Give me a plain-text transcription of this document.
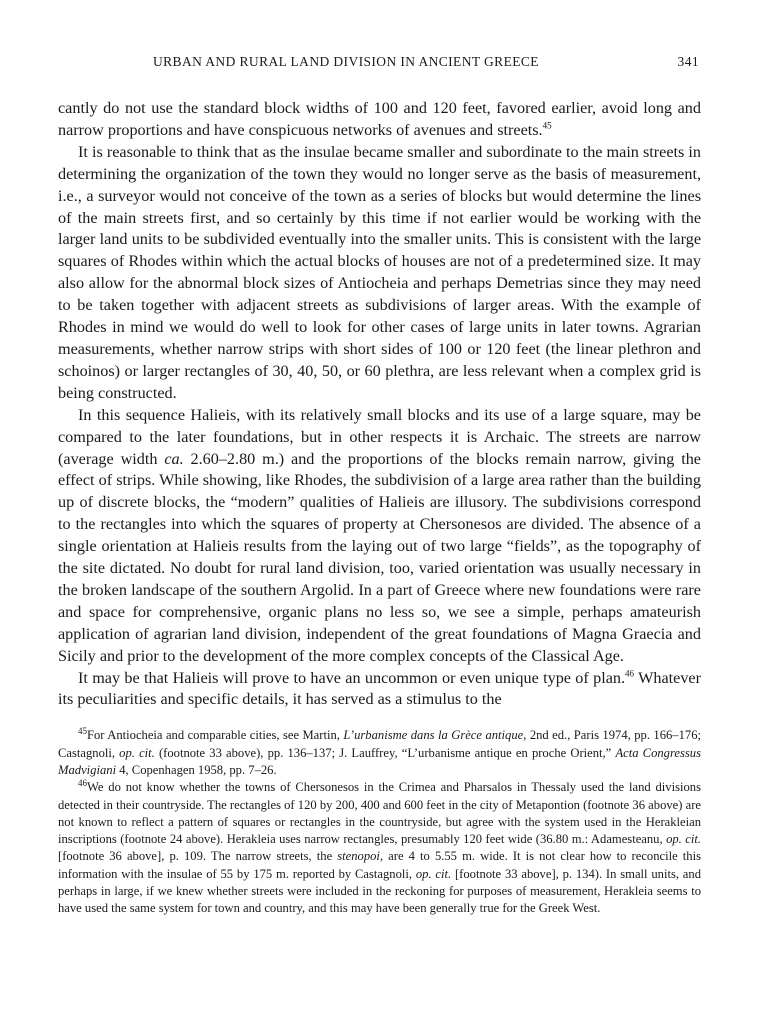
URBAN AND RURAL LAND DIVISION IN ANCIENT GREECE	341

cantly do not use the standard block widths of 100 and 120 feet, favored earlier, avoid long and narrow proportions and have conspicuous networks of avenues and streets.$^{45}$

It is reasonable to think that as the insulae became smaller and subordinate to the main streets in determining the organization of the town they would no longer serve as the basis of measurement, i.e., a surveyor would not conceive of the town as a series of blocks but would determine the lines of the main streets first, and so certainly by this time if not earlier would be working with the larger land units to be subdivided eventually into the smaller units. This is consistent with the large squares of Rhodes within which the actual blocks of houses are not of a predetermined size. It may also allow for the abnormal block sizes of Antiocheia and perhaps Demetrias since they may need to be taken together with adjacent streets as subdivisions of larger areas. With the example of Rhodes in mind we would do well to look for other cases of large units in later towns. Agrarian measurements, whether narrow strips with short sides of 100 or 120 feet (the linear plethron and schoinos) or larger rectangles of 30, 40, 50, or 60 plethra, are less relevant when a complex grid is being constructed.

In this sequence Halieis, with its relatively small blocks and its use of a large square, may be compared to the later foundations, but in other respects it is Archaic. The streets are narrow (average width ca. 2.60–2.80 m.) and the proportions of the blocks remain narrow, giving the effect of strips. While showing, like Rhodes, the subdivision of a large area rather than the building up of discrete blocks, the “modern” qualities of Halieis are illusory. The subdivisions correspond to the rectangles into which the squares of property at Chersonesos are divided. The absence of a single orientation at Halieis results from the laying out of two large “fields”, as the topography of the site dictated. No doubt for rural land division, too, varied orientation was usually necessary in the broken landscape of the southern Argolid. In a part of Greece where new foundations were rare and space for comprehensive, organic plans no less so, we see a simple, perhaps amateurish application of agrarian land division, independent of the great foundations of Magna Graecia and Sicily and prior to the development of the more complex concepts of the Classical Age.

It may be that Halieis will prove to have an uncommon or even unique type of plan.$^{46}$ Whatever its peculiarities and specific details, it has served as a stimulus to the

$^{45}$For Antiocheia and comparable cities, see Martin, L’urbanisme dans la Grèce antique, 2nd ed., Paris 1974, pp. 166–176; Castagnoli, op. cit. (footnote 33 above), pp. 136–137; J. Lauffrey, “L’urbanisme antique en proche Orient,” Acta Congressus Madvigiani 4, Copenhagen 1958, pp. 7–26.

$^{46}$We do not know whether the towns of Chersonesos in the Crimea and Pharsalos in Thessaly used the land divisions detected in their countryside. The rectangles of 120 by 200, 400 and 600 feet in the city of Metapontion (footnote 36 above) are not known to reflect a pattern of squares or rectangles in the countryside, but agree with the system used in the Herakleian inscriptions (footnote 24 above). Herakleia uses narrow rectangles, presumably 120 feet wide (36.80 m.: Adamesteanu, op. cit. [footnote 36 above], p. 109. The narrow streets, the stenopoi, are 4 to 5.55 m. wide. It is not clear how to reconcile this information with the insulae of 55 by 175 m. reported by Castagnoli, op. cit. [footnote 33 above], p. 134). In small units, and perhaps in large, if we knew whether streets were included in the reckoning for purposes of measurement, Herakleia seems to have used the same system for town and country, and this may have been generally true for the Greek West.
